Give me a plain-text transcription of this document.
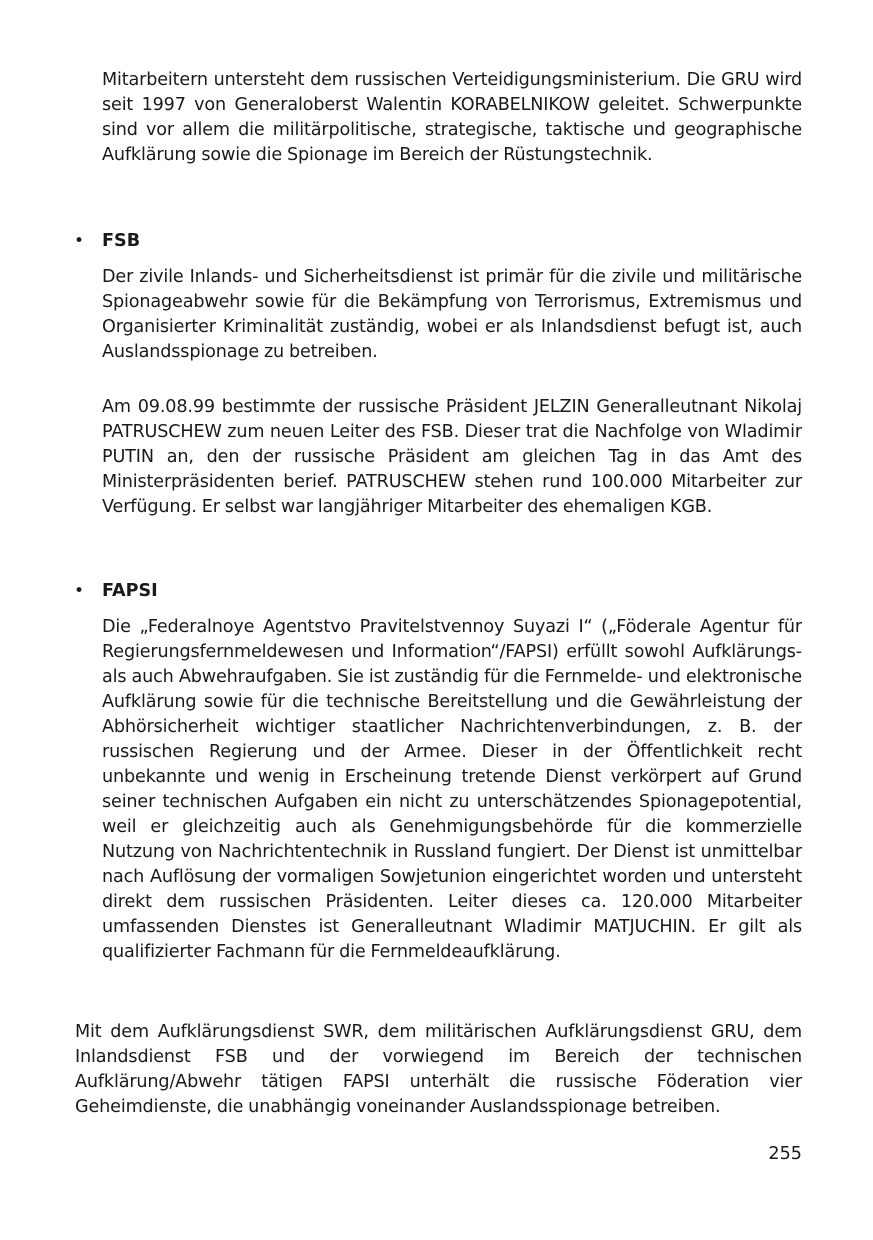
Mitarbeitern untersteht dem russischen Verteidigungsministerium. Die GRU wird seit 1997 von Generaloberst Walentin KORABELNIKOW geleitet. Schwerpunkte sind vor allem die militärpolitische, strategische, taktische und geographische Aufklärung sowie die Spionage im Bereich der Rüstungstechnik.

• FSB

Der zivile Inlands- und Sicherheitsdienst ist primär für die zivile und militärische Spionageabwehr sowie für die Bekämpfung von Terrorismus, Extremismus und Organisierter Kriminalität zuständig, wobei er als Inlandsdienst befugt ist, auch Auslandsspionage zu betreiben.

Am 09.08.99 bestimmte der russische Präsident JELZIN Generalleutnant Nikolaj PATRUSCHEW zum neuen Leiter des FSB. Dieser trat die Nachfolge von Wladimir PUTIN an, den der russische Präsident am gleichen Tag in das Amt des Ministerpräsidenten berief. PATRUSCHEW stehen rund 100.000 Mitarbeiter zur Verfügung. Er selbst war langjähriger Mitarbeiter des ehemaligen KGB.

• FAPSI

Die „Federalnoye Agentstvo Pravitelstvennoy Suyazi I“ („Föderale Agentur für Regierungsfernmeldewesen und Information“/FAPSI) erfüllt sowohl Aufklärungs- als auch Abwehraufgaben. Sie ist zuständig für die Fernmelde- und elektronische Aufklärung sowie für die technische Bereitstellung und die Gewährleistung der Abhörsicherheit wichtiger staatlicher Nachrichtenverbindungen, z. B. der russischen Regierung und der Armee. Dieser in der Öffentlichkeit recht unbekannte und wenig in Erscheinung tretende Dienst verkörpert auf Grund seiner technischen Aufgaben ein nicht zu unterschätzendes Spionagepotential, weil er gleichzeitig auch als Genehmigungsbehörde für die kommerzielle Nutzung von Nachrichtentechnik in Russland fungiert. Der Dienst ist unmittelbar nach Auflösung der vormaligen Sowjetunion eingerichtet worden und untersteht direkt dem russischen Präsidenten. Leiter dieses ca. 120.000 Mitarbeiter umfassenden Dienstes ist Generalleutnant Wladimir MATJUCHIN. Er gilt als qualifizierter Fachmann für die Fernmeldeaufklärung.

Mit dem Aufklärungsdienst SWR, dem militärischen Aufklärungsdienst GRU, dem Inlandsdienst FSB und der vorwiegend im Bereich der technischen Aufklärung/Abwehr tätigen FAPSI unterhält die russische Föderation vier Geheimdienste, die unabhängig voneinander Auslandsspionage betreiben.

255
